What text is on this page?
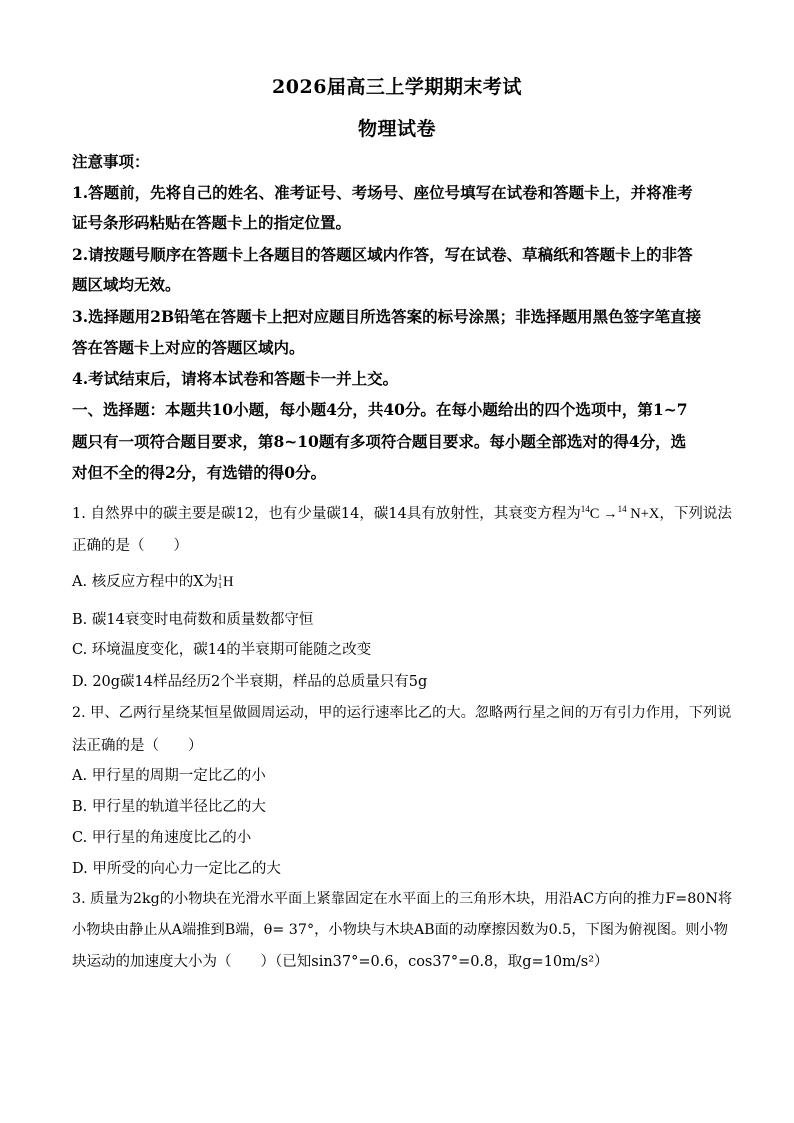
2026届高三上学期期末考试
物理试卷
注意事项：
1.答题前，先将自己的姓名、准考证号、考场号、座位号填写在试卷和答题卡上，并将准考
证号条形码粘贴在答题卡上的指定位置。
2.请按题号顺序在答题卡上各题目的答题区域内作答，写在试卷、草稿纸和答题卡上的非答
题区域均无效。
3.选择题用2B铅笔在答题卡上把对应题目所选答案的标号涂黑；非选择题用黑色签字笔直接
答在答题卡上对应的答题区域内。
4.考试结束后，请将本试卷和答题卡一并上交。
一、选择题：本题共10小题，每小题4分，共40分。在每小题给出的四个选项中，第1~7
题只有一项符合题目要求，第8~10题有多项符合题目要求。每小题全部选对的得4分，选
对但不全的得2分，有选错的得0分。
1. 自然界中的碳主要是碳12，也有少量碳14，碳14具有放射性，其衰变方程为$^{14}$C →$^{14}$ N+X，下列说法
正确的是（　　）
A. 核反应方程中的X为 1
1 H
B. 碳14衰变时电荷数和质量数都守恒
C. 环境温度变化，碳14的半衰期可能随之改变
D. 20g碳14样品经历2个半衰期，样品的总质量只有5g
2. 甲、乙两行星绕某恒星做圆周运动，甲的运行速率比乙的大。忽略两行星之间的万有引力作用，下列说
法正确的是（　　）
A. 甲行星的周期一定比乙的小
B. 甲行星的轨道半径比乙的大
C. 甲行星的角速度比乙的小
D. 甲所受的向心力一定比乙的大
3. 质量为2kg的小物块在光滑水平面上紧靠固定在水平面上的三角形木块，用沿AC方向的推力F=80N将
小物块由静止从A端推到B端，θ= 37°，小物块与木块AB面的动摩擦因数为0.5，下图为俯视图。则小物
块运动的加速度大小为（　　）（已知sin37°=0.6，cos37°=0.8，取g=10m/s²）
